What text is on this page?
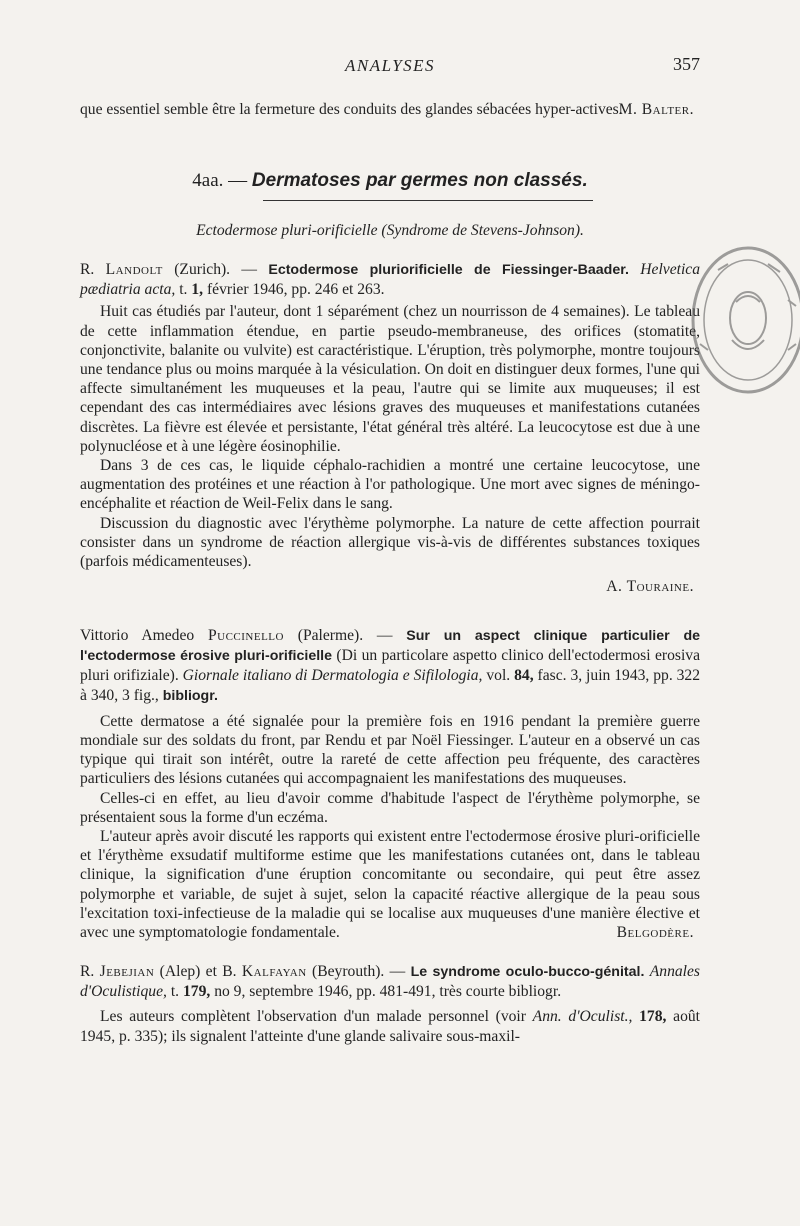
ANALYSES	357

que essentiel semble être la fermeture des conduits des glandes sébacées hyper-actives.

M. Balter.

4aa. — Dermatoses par germes non classés.
Ectodermose pluri-orificielle (Syndrome de Stevens-Johnson).

R. Landolt (Zurich). — Ectodermose pluriorificielle de Fiessinger-Baader. Helvetica pædiatria acta, t. 1, février 1946, pp. 246 et 263.

Huit cas étudiés par l'auteur, dont 1 séparément (chez un nourrisson de 4 semaines). Le tableau de cette inflammation étendue, en partie pseudo-membraneuse, des orifices (stomatite, conjonctivite, balanite ou vulvite) est caractéristique. L'éruption, très polymorphe, montre toujours une tendance plus ou moins marquée à la vésiculation. On doit en distinguer deux formes, l'une qui affecte simultanément les muqueuses et la peau, l'autre qui se limite aux muqueuses; il est cependant des cas intermédiaires avec lésions graves des muqueuses et manifestations cutanées discrètes. La fièvre est élevée et persistante, l'état général très altéré. La leucocytose est due à une polynucléose et à une légère éosinophilie.

Dans 3 de ces cas, le liquide céphalo-rachidien a montré une certaine leucocytose, une augmentation des protéines et une réaction à l'or pathologique. Une mort avec signes de méningo-encéphalite et réaction de Weil-Felix dans le sang.

Discussion du diagnostic avec l'érythème polymorphe. La nature de cette affection pourrait consister dans un syndrome de réaction allergique vis-à-vis de différentes substances toxiques (parfois médicamenteuses).

A. Touraine.

Vittorio Amedeo Puccinello (Palerme). — Sur un aspect clinique particulier de l'ectodermose érosive pluri-orificielle (Di un particolare aspetto clinico dell'ectodermosi erosiva pluri orifiziale). Giornale italiano di Dermatologia e Sifilologia, vol. 84, fasc. 3, juin 1943, pp. 322 à 340, 3 fig., bibliogr.

Cette dermatose a été signalée pour la première fois en 1916 pendant la première guerre mondiale sur des soldats du front, par Rendu et par Noël Fiessinger. L'auteur en a observé un cas typique qui tirait son intérêt, outre la rareté de cette affection peu fréquente, des caractères particuliers des lésions cutanées qui accompagnaient les manifestations des muqueuses.

Celles-ci en effet, au lieu d'avoir comme d'habitude l'aspect de l'érythème polymorphe, se présentaient sous la forme d'un eczéma.

L'auteur après avoir discuté les rapports qui existent entre l'ectodermose érosive pluri-orificielle et l'érythème exsudatif multiforme estime que les manifestations cutanées ont, dans le tableau clinique, la signification d'une éruption concomitante ou secondaire, qui peut être assez polymorphe et variable, de sujet à sujet, selon la capacité réactive allergique de la peau sous l'excitation toxi-infectieuse de la maladie qui se localise aux muqueuses d'une manière élective et avec une symptomatologie fondamentale.	Belgodère.

R. Jebejian (Alep) et B. Kalfayan (Beyrouth). — Le syndrome oculo-bucco-génital. Annales d'Oculistique, t. 179, no 9, septembre 1946, pp. 481-491, très courte bibliogr.

Les auteurs complètent l'observation d'un malade personnel (voir Ann. d'Oculist., 178, août 1945, p. 335); ils signalent l'atteinte d'une glande salivaire sous-maxil-
